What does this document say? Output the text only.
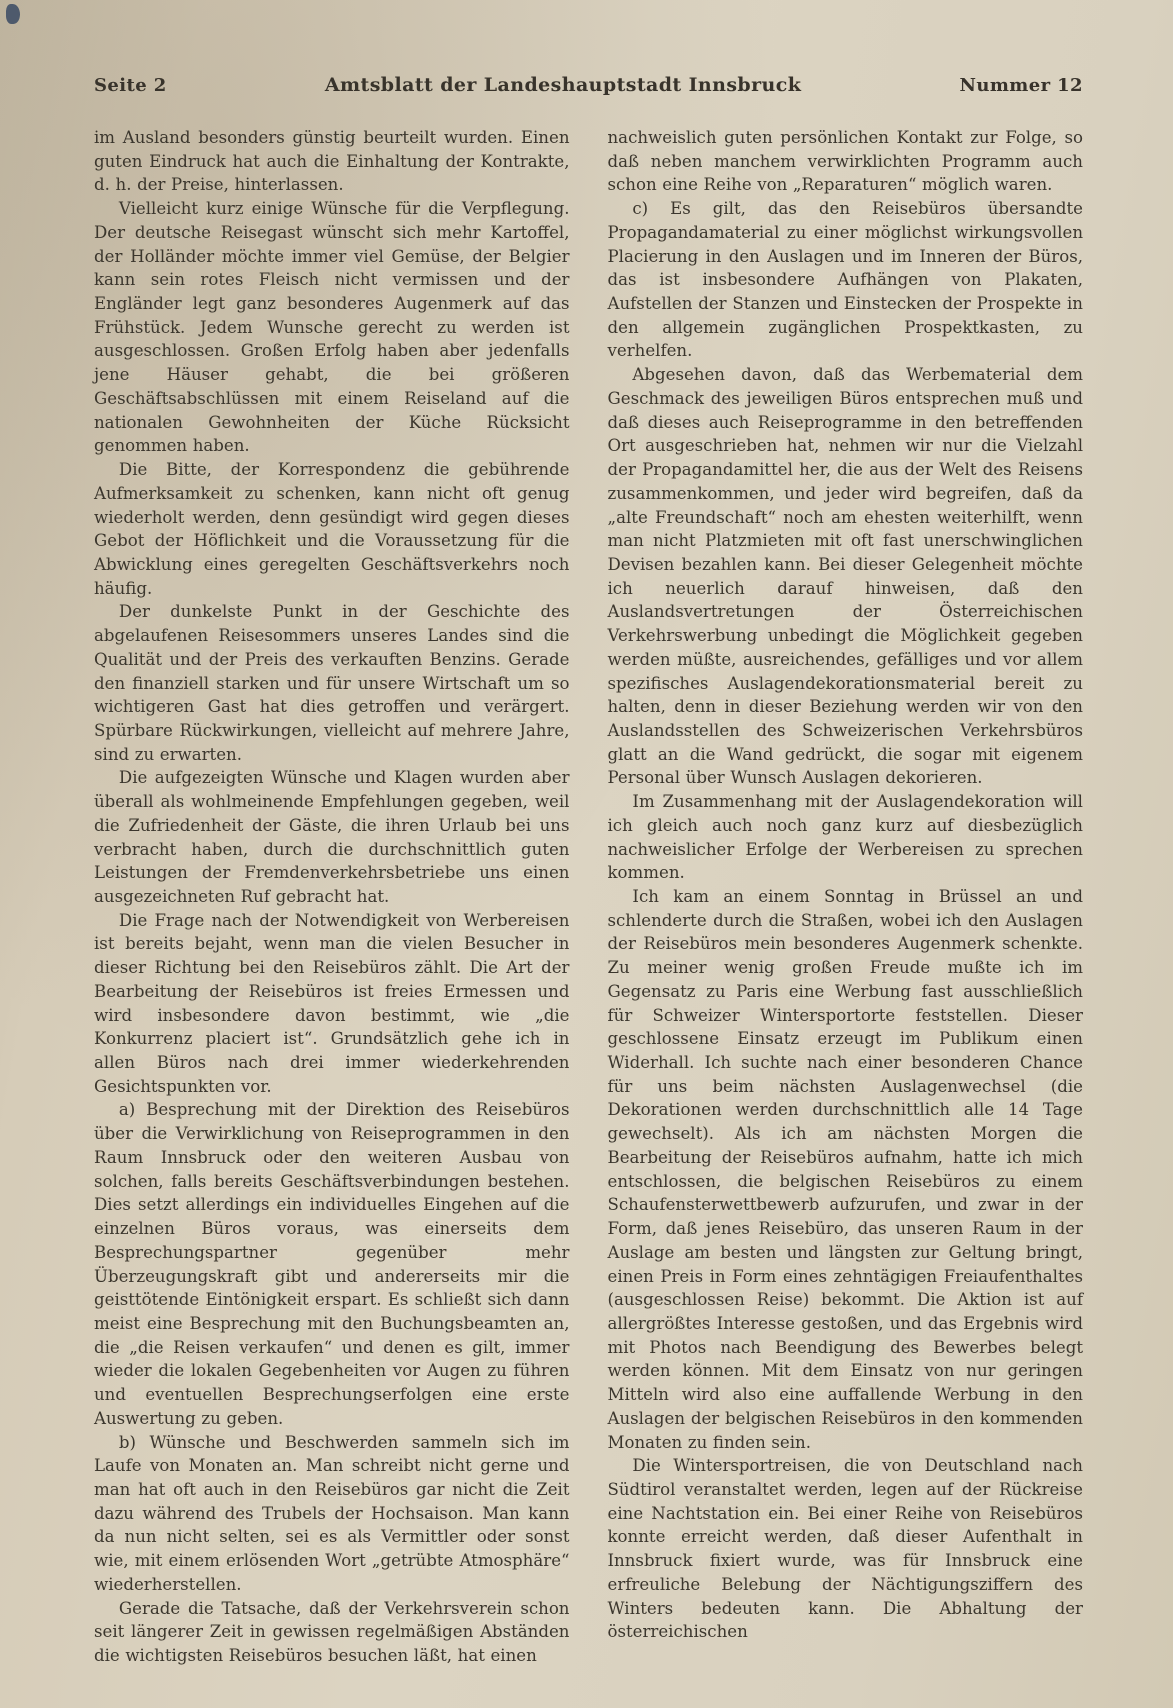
Seite 2	Amtsblatt der Landeshauptstadt Innsbruck	Nummer 12

im Ausland besonders günstig beurteilt wurden. Einen guten Eindruck hat auch die Einhaltung der Kontrakte, d. h. der Preise, hinterlassen.

Vielleicht kurz einige Wünsche für die Verpflegung. Der deutsche Reisegast wünscht sich mehr Kartoffel, der Holländer möchte immer viel Gemüse, der Belgier kann sein rotes Fleisch nicht vermissen und der Engländer legt ganz besonderes Augenmerk auf das Frühstück. Jedem Wunsche gerecht zu werden ist ausgeschlossen. Großen Erfolg haben aber jedenfalls jene Häuser gehabt, die bei größeren Geschäftsabschlüssen mit einem Reiseland auf die nationalen Gewohnheiten der Küche Rücksicht genommen haben.

Die Bitte, der Korrespondenz die gebührende Aufmerksamkeit zu schenken, kann nicht oft genug wiederholt werden, denn gesündigt wird gegen dieses Gebot der Höflichkeit und die Voraussetzung für die Abwicklung eines geregelten Geschäftsverkehrs noch häufig.

Der dunkelste Punkt in der Geschichte des abgelaufenen Reisesommers unseres Landes sind die Qualität und der Preis des verkauften Benzins. Gerade den finanziell starken und für unsere Wirtschaft um so wichtigeren Gast hat dies getroffen und verärgert. Spürbare Rückwirkungen, vielleicht auf mehrere Jahre, sind zu erwarten.

Die aufgezeigten Wünsche und Klagen wurden aber überall als wohlmeinende Empfehlungen gegeben, weil die Zufriedenheit der Gäste, die ihren Urlaub bei uns verbracht haben, durch die durchschnittlich guten Leistungen der Fremdenverkehrsbetriebe uns einen ausgezeichneten Ruf gebracht hat.

Die Frage nach der Notwendigkeit von Werbereisen ist bereits bejaht, wenn man die vielen Besucher in dieser Richtung bei den Reisebüros zählt. Die Art der Bearbeitung der Reisebüros ist freies Ermessen und wird insbesondere davon bestimmt, wie „die Konkurrenz placiert ist“. Grundsätzlich gehe ich in allen Büros nach drei immer wiederkehrenden Gesichtspunkten vor.

a) Besprechung mit der Direktion des Reisebüros über die Verwirklichung von Reiseprogrammen in den Raum Innsbruck oder den weiteren Ausbau von solchen, falls bereits Geschäftsverbindungen bestehen. Dies setzt allerdings ein individuelles Eingehen auf die einzelnen Büros voraus, was einerseits dem Besprechungspartner gegenüber mehr Überzeugungskraft gibt und andererseits mir die geisttötende Eintönigkeit erspart. Es schließt sich dann meist eine Besprechung mit den Buchungsbeamten an, die „die Reisen verkaufen“ und denen es gilt, immer wieder die lokalen Gegebenheiten vor Augen zu führen und eventuellen Besprechungserfolgen eine erste Auswertung zu geben.

b) Wünsche und Beschwerden sammeln sich im Laufe von Monaten an. Man schreibt nicht gerne und man hat oft auch in den Reisebüros gar nicht die Zeit dazu während des Trubels der Hochsaison. Man kann da nun nicht selten, sei es als Vermittler oder sonst wie, mit einem erlösenden Wort „getrübte Atmosphäre“ wiederherstellen.

Gerade die Tatsache, daß der Verkehrsverein schon seit längerer Zeit in gewissen regelmäßigen Abständen die wichtigsten Reisebüros besuchen läßt, hat einen

nachweislich guten persönlichen Kontakt zur Folge, so daß neben manchem verwirklichten Programm auch schon eine Reihe von „Reparaturen“ möglich waren.

c) Es gilt, das den Reisebüros übersandte Propagandamaterial zu einer möglichst wirkungsvollen Placierung in den Auslagen und im Inneren der Büros, das ist insbesondere Aufhängen von Plakaten, Aufstellen der Stanzen und Einstecken der Prospekte in den allgemein zugänglichen Prospektkasten, zu verhelfen.

Abgesehen davon, daß das Werbematerial dem Geschmack des jeweiligen Büros entsprechen muß und daß dieses auch Reiseprogramme in den betreffenden Ort ausgeschrieben hat, nehmen wir nur die Vielzahl der Propagandamittel her, die aus der Welt des Reisens zusammenkommen, und jeder wird begreifen, daß da „alte Freundschaft“ noch am ehesten weiterhilft, wenn man nicht Platzmieten mit oft fast unerschwinglichen Devisen bezahlen kann. Bei dieser Gelegenheit möchte ich neuerlich darauf hinweisen, daß den Auslandsvertretungen der Österreichischen Verkehrswerbung unbedingt die Möglichkeit gegeben werden müßte, ausreichendes, gefälliges und vor allem spezifisches Auslagendekorationsmaterial bereit zu halten, denn in dieser Beziehung werden wir von den Auslandsstellen des Schweizerischen Verkehrsbüros glatt an die Wand gedrückt, die sogar mit eigenem Personal über Wunsch Auslagen dekorieren.

Im Zusammenhang mit der Auslagendekoration will ich gleich auch noch ganz kurz auf diesbezüglich nachweislicher Erfolge der Werbereisen zu sprechen kommen.

Ich kam an einem Sonntag in Brüssel an und schlenderte durch die Straßen, wobei ich den Auslagen der Reisebüros mein besonderes Augenmerk schenkte. Zu meiner wenig großen Freude mußte ich im Gegensatz zu Paris eine Werbung fast ausschließlich für Schweizer Wintersportorte feststellen. Dieser geschlossene Einsatz erzeugt im Publikum einen Widerhall. Ich suchte nach einer besonderen Chance für uns beim nächsten Auslagenwechsel (die Dekorationen werden durchschnittlich alle 14 Tage gewechselt). Als ich am nächsten Morgen die Bearbeitung der Reisebüros aufnahm, hatte ich mich entschlossen, die belgischen Reisebüros zu einem Schaufensterwettbewerb aufzurufen, und zwar in der Form, daß jenes Reisebüro, das unseren Raum in der Auslage am besten und längsten zur Geltung bringt, einen Preis in Form eines zehntägigen Freiaufenthaltes (ausgeschlossen Reise) bekommt. Die Aktion ist auf allergrößtes Interesse gestoßen, und das Ergebnis wird mit Photos nach Beendigung des Bewerbes belegt werden können. Mit dem Einsatz von nur geringen Mitteln wird also eine auffallende Werbung in den Auslagen der belgischen Reisebüros in den kommenden Monaten zu finden sein.

Die Wintersportreisen, die von Deutschland nach Südtirol veranstaltet werden, legen auf der Rückreise eine Nachtstation ein. Bei einer Reihe von Reisebüros konnte erreicht werden, daß dieser Aufenthalt in Innsbruck fixiert wurde, was für Innsbruck eine erfreuliche Belebung der Nächtigungsziffern des Winters bedeuten kann. Die Abhaltung der österreichischen
